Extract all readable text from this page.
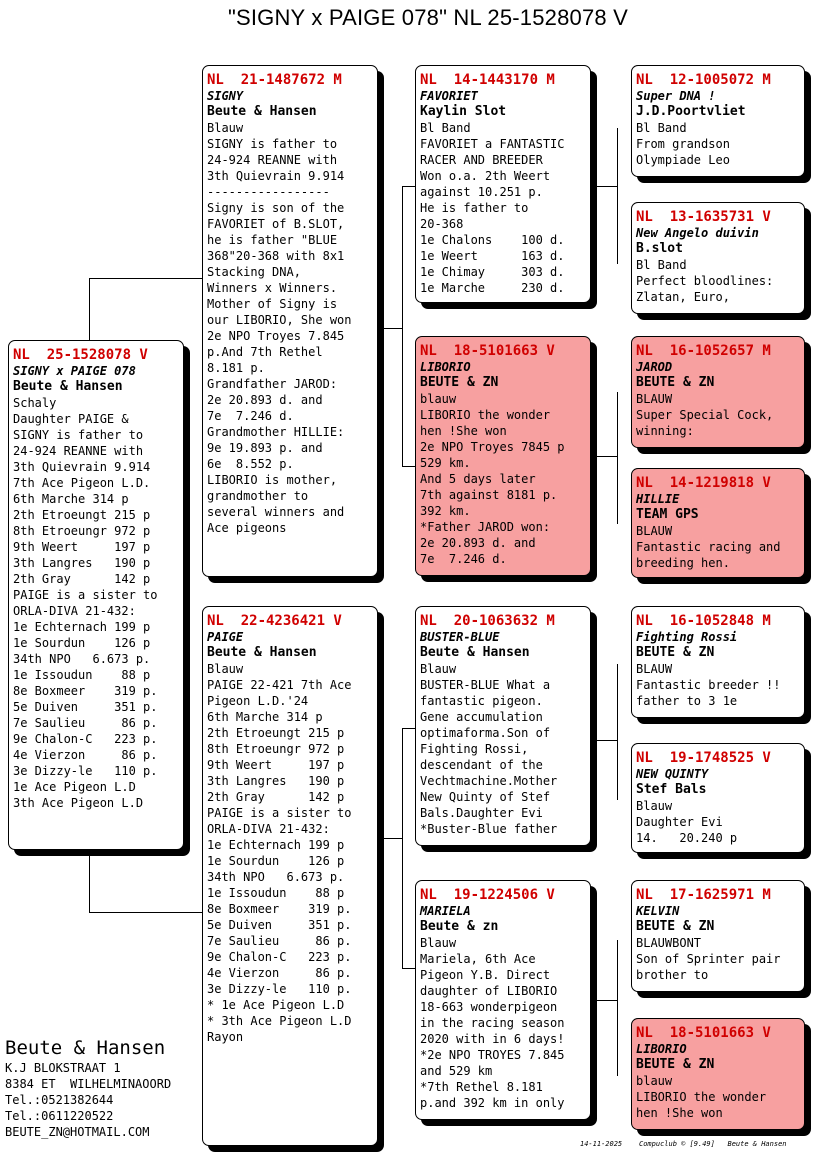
"SIGNY x PAIGE 078" NL 25-1528078 V
NL  25-1528078 V
SIGNY x PAIGE 078
Beute & Hansen
Schaly
Daughter PAIGE &
SIGNY is father to
24-924 REANNE with
3th Quievrain 9.914
7th Ace Pigeon L.D.
6th Marche 314 p
2th Etroeungt 215 p
8th Etroeungr 972 p
9th Weert     197 p
3th Langres   190 p
2th Gray      142 p
PAIGE is a sister to
ORLA-DIVA 21-432:
1e Echternach 199 p
1e Sourdun    126 p
34th NPO   6.673 p.
1e Issoudun    88 p
8e Boxmeer    319 p.
5e Duiven     351 p.
7e Saulieu     86 p.
9e Chalon-C   223 p.
4e Vierzon     86 p.
3e Dizzy-le   110 p.
1e Ace Pigeon L.D
3th Ace Pigeon L.D
NL  21-1487672 M
SIGNY
Beute & Hansen
Blauw
SIGNY is father to
24-924 REANNE with
3th Quievrain 9.914
-----------------
Signy is son of the
FAVORIET of B.SLOT,
he is father "BLUE
368"20-368 with 8x1
Stacking DNA,
Winners x Winners.
Mother of Signy is
our LIBORIO, She won
2e NPO Troyes 7.845
p.And 7th Rethel
8.181 p.
Grandfather JAROD:
2e 20.893 d. and
7e  7.246 d.
Grandmother HILLIE:
9e 19.893 p. and
6e  8.552 p.
LIBORIO is mother,
grandmother to
several winners and
Ace pigeons
NL  22-4236421 V
PAIGE
Beute & Hansen
Blauw
PAIGE 22-421 7th Ace
Pigeon L.D.'24
6th Marche 314 p
2th Etroeungt 215 p
8th Etroeungr 972 p
9th Weert     197 p
3th Langres   190 p
2th Gray      142 p
PAIGE is a sister to
ORLA-DIVA 21-432:
1e Echternach 199 p
1e Sourdun    126 p
34th NPO   6.673 p.
1e Issoudun    88 p
8e Boxmeer    319 p.
5e Duiven     351 p.
7e Saulieu     86 p.
9e Chalon-C   223 p.
4e Vierzon     86 p.
3e Dizzy-le   110 p.
* 1e Ace Pigeon L.D
* 3th Ace Pigeon L.D
Rayon
NL  14-1443170 M
FAVORIET
Kaylin Slot
Bl Band
FAVORIET a FANTASTIC
RACER AND BREEDER
Won o.a. 2th Weert
against 10.251 p.
He is father to
20-368
1e Chalons    100 d.
1e Weert      163 d.
1e Chimay     303 d.
1e Marche     230 d.
NL  18-5101663 V
LIBORIO
BEUTE & ZN
blauw
LIBORIO the wonder
hen !She won
2e NPO Troyes 7845 p
529 km.
And 5 days later
7th against 8181 p.
392 km.
*Father JAROD won:
2e 20.893 d. and
7e  7.246 d.
NL  20-1063632 M
BUSTER-BLUE
Beute & Hansen
Blauw
BUSTER-BLUE What a
fantastic pigeon.
Gene accumulation
optimaforma.Son of
Fighting Rossi,
descendant of the
Vechtmachine.Mother
New Quinty of Stef
Bals.Daughter Evi
*Buster-Blue father
NL  19-1224506 V
MARIELA
Beute & zn
Blauw
Mariela, 6th Ace
Pigeon Y.B. Direct
daughter of LIBORIO
18-663 wonderpigeon
in the racing season
2020 with in 6 days!
*2e NPO TROYES 7.845
and 529 km
*7th Rethel 8.181
p.and 392 km in only
NL  12-1005072 M
Super DNA !
J.D.Poortvliet
Bl Band
From grandson
Olympiade Leo
NL  13-1635731 V
New Angelo duivin
B.slot
Bl Band
Perfect bloodlines:
Zlatan, Euro,
NL  16-1052657 M
JAROD
BEUTE & ZN
BLAUW
Super Special Cock,
winning:
NL  14-1219818 V
HILLIE
TEAM GPS
BLAUW
Fantastic racing and
breeding hen.
NL  16-1052848 M
Fighting Rossi
BEUTE & ZN
BLAUW
Fantastic breeder !!
father to 3 1e
NL  19-1748525 V
NEW QUINTY
Stef Bals
Blauw
Daughter Evi
14.   20.240 p
NL  17-1625971 M
KELVIN
BEUTE & ZN
BLAUWBONT
Son of Sprinter pair
brother to
NL  18-5101663 V
LIBORIO
BEUTE & ZN
blauw
LIBORIO the wonder
hen !She won
Beute & Hansen
K.J BLOKSTRAAT 1
8384 ET  WILHELMINAOORD
Tel.:0521382644
Tel.:0611220522
BEUTE_ZN@HOTMAIL.COM
14-11-2025    Compuclub © [9.49]   Beute & Hansen
